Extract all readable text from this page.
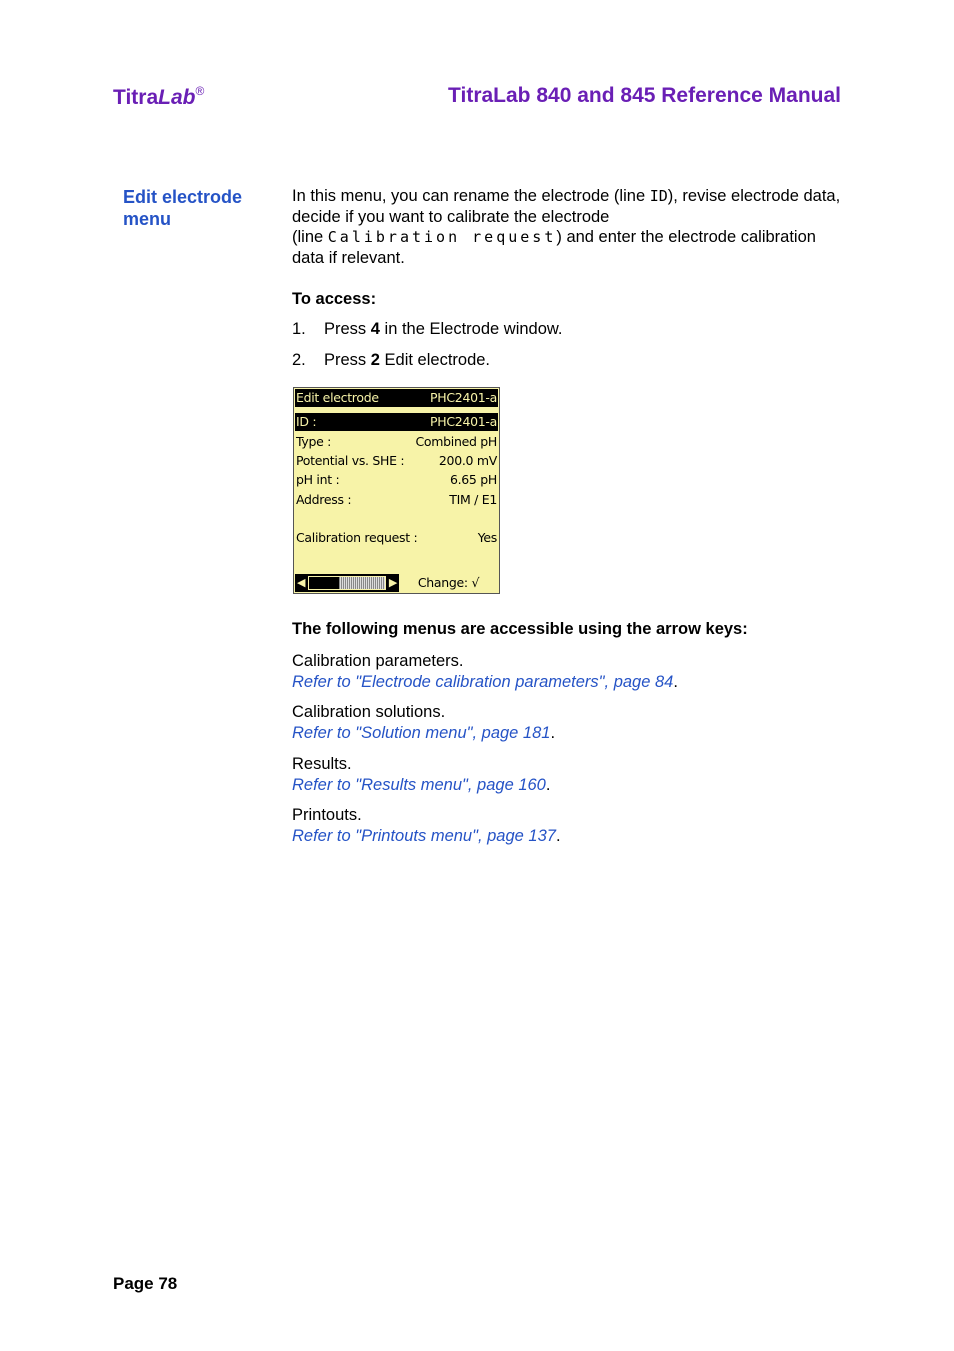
TitraLab®	TitraLab 840 and 845 Reference Manual
Edit electrode menu
In this menu, you can rename the electrode (line ID), revise electrode data, decide if you want to calibrate the electrode
(line Calibration request) and enter the electrode calibration data if relevant.
To access:
1. Press 4 in the Electrode window.
2. Press 2 Edit electrode.
Edit electrode	PHC2401-a
ID :	PHC2401-a
Type :	Combined pH
Potential vs. SHE :	200.0 mV
pH int :	6.65 pH
Address :	TIM / E1
Calibration request :	Yes
◀	▶	Change: √
The following menus are accessible using the arrow keys:
Calibration parameters.
Refer to "Electrode calibration parameters", page 84.
Calibration solutions.
Refer to "Solution menu", page 181.
Results.
Refer to "Results menu", page 160.
Printouts.
Refer to "Printouts menu", page 137.
Page 78
